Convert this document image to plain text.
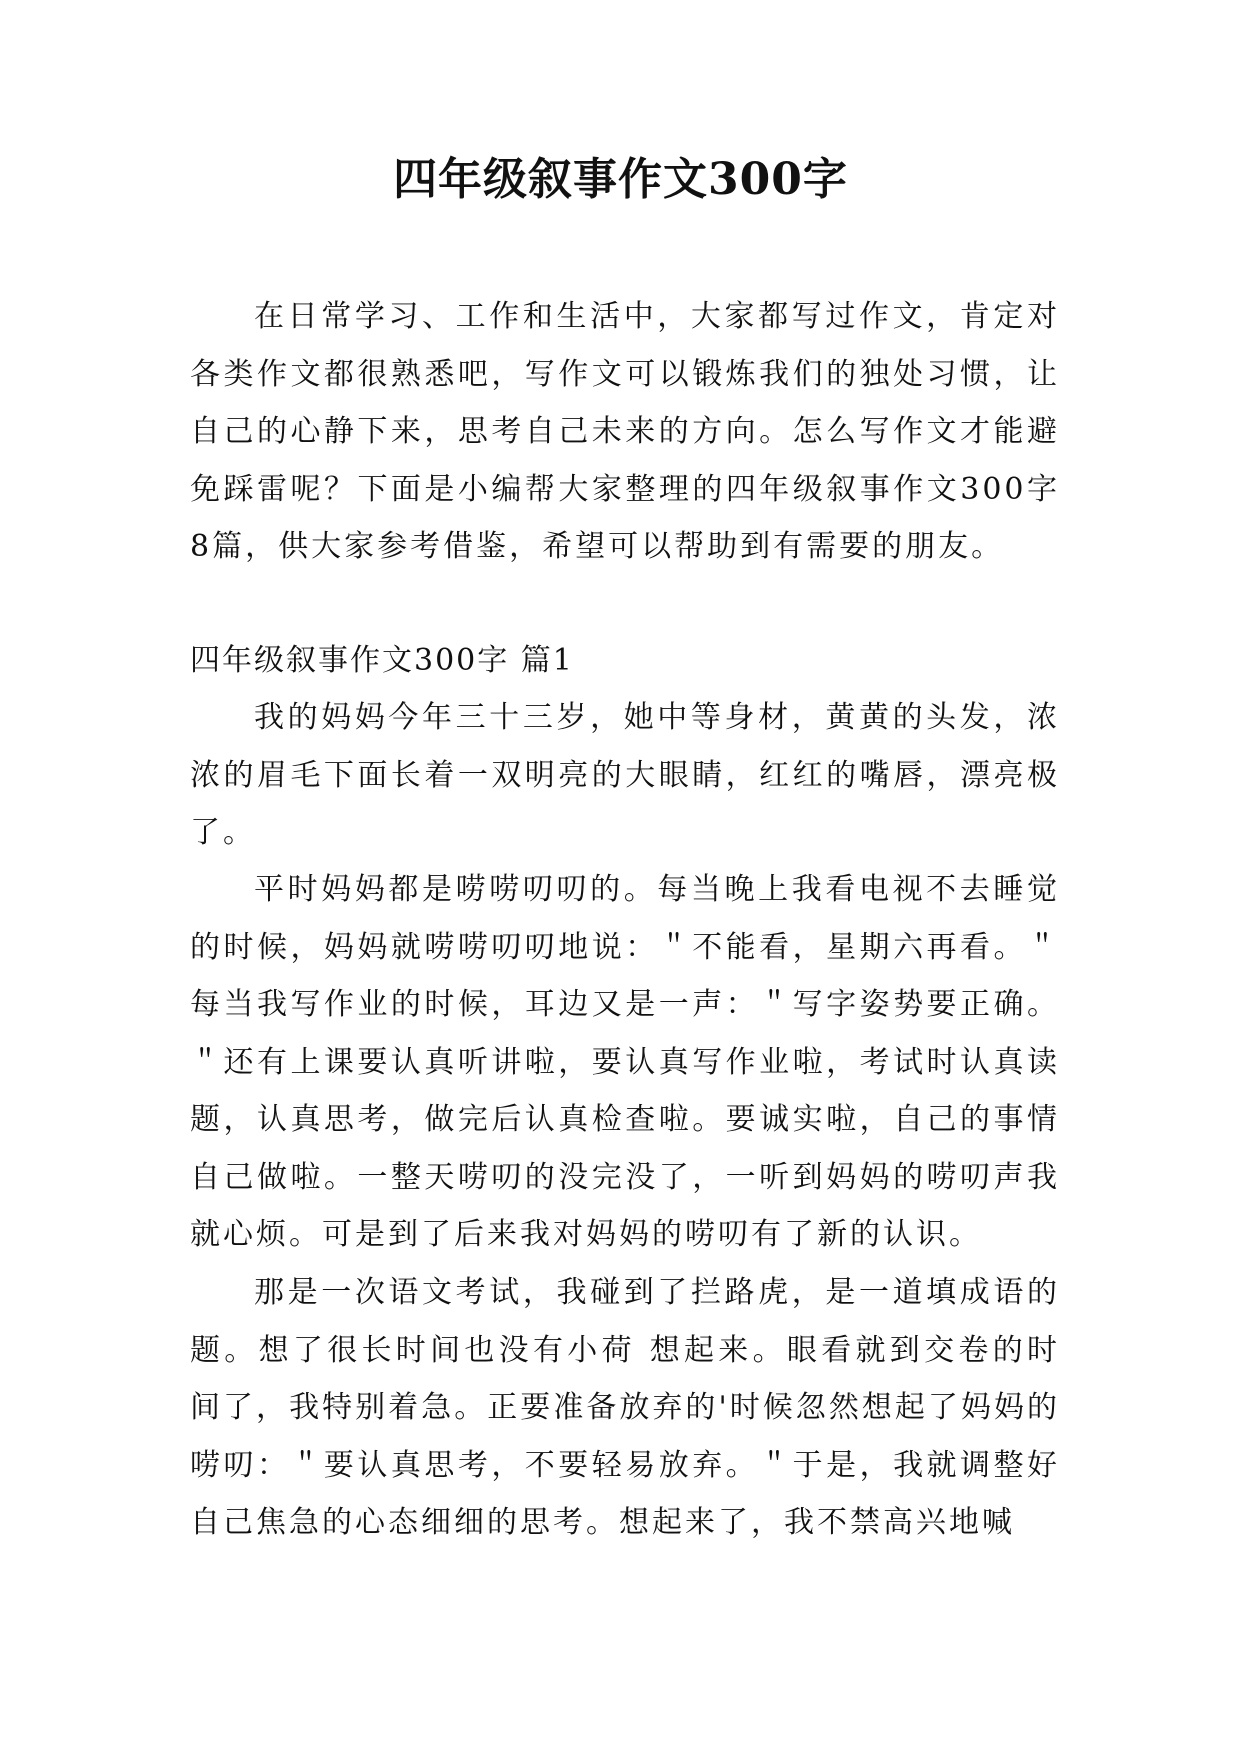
四年级叙事作文300字

在日常学习、工作和生活中，大家都写过作文，肯定对各类作文都很熟悉吧，写作文可以锻炼我们的独处习惯，让自己的心静下来，思考自己未来的方向。怎么写作文才能避免踩雷呢？下面是小编帮大家整理的四年级叙事作文300字8篇，供大家参考借鉴，希望可以帮助到有需要的朋友。

四年级叙事作文300字 篇1

我的妈妈今年三十三岁，她中等身材，黄黄的头发，浓浓的眉毛下面长着一双明亮的大眼睛，红红的嘴唇，漂亮极了。

平时妈妈都是唠唠叨叨的。每当晚上我看电视不去睡觉的时候，妈妈就唠唠叨叨地说：＂不能看，星期六再看。＂每当我写作业的时候，耳边又是一声：＂写字姿势要正确。＂还有上课要认真听讲啦，要认真写作业啦，考试时认真读题，认真思考，做完后认真检查啦。要诚实啦，自己的事情自己做啦。一整天唠叨的没完没了，一听到妈妈的唠叨声我就心烦。可是到了后来我对妈妈的唠叨有了新的认识。

那是一次语文考试，我碰到了拦路虎，是一道填成语的题。想了很长时间也没有小荷 想起来。眼看就到交卷的时间了，我特别着急。正要准备放弃的'时候忽然想起了妈妈的唠叨：＂要认真思考，不要轻易放弃。＂于是，我就调整好自己焦急的心态细细的思考。想起来了，我不禁高兴地喊
